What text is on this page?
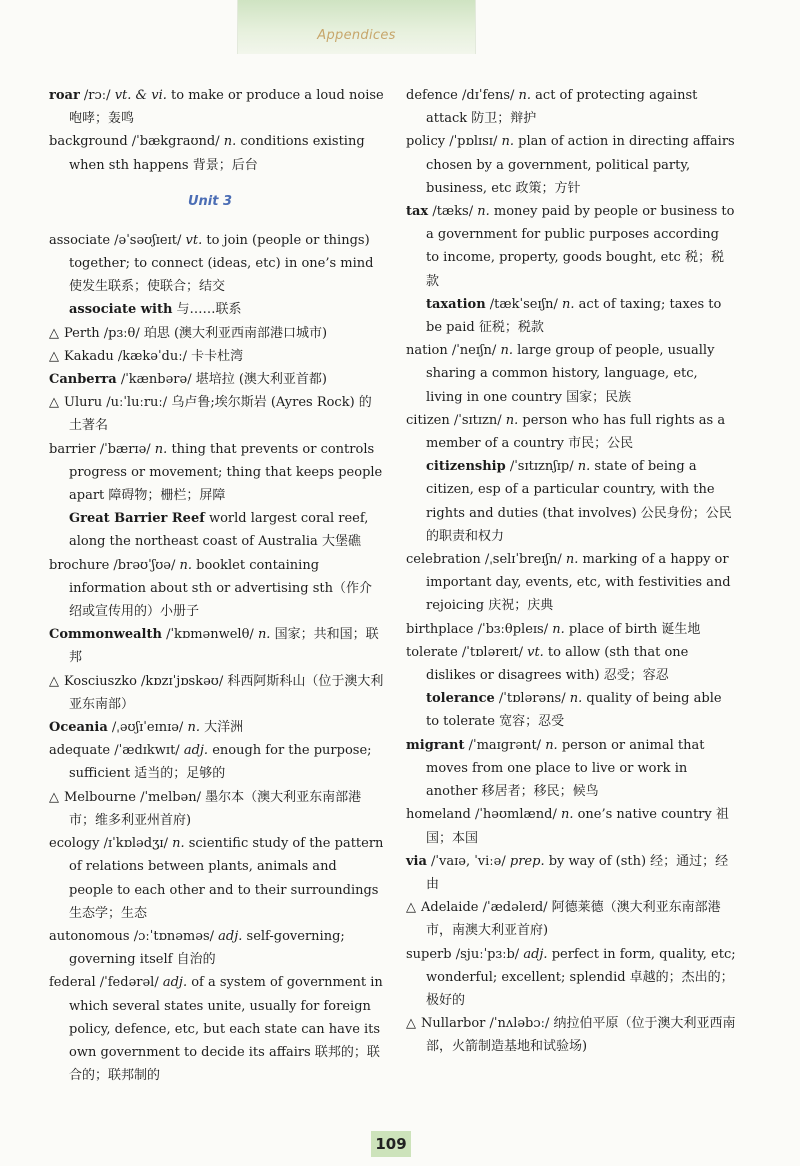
Appendices

roar /rɔː/ vt. & vi. to make or produce a loud noise 咆哮；轰鸣

background /ˈbækgraʊnd/ n. conditions existing when sth happens 背景；后台

Unit 3

associate /əˈsəʊʃɪeɪt/ vt. to join (people or things) together; to connect (ideas, etc) in one’s mind 使发生联系；使联合；结交

associate with 与……联系

△ Perth /pɜːθ/ 珀思 (澳大利亚西南部港口城市)

△ Kakadu /kækəˈduː/ 卡卡杜湾

Canberra /ˈkænbərə/ 堪培拉 (澳大利亚首都)

△ Uluru /uːˈluːruː/ 乌卢鲁;埃尔斯岩 (Ayres Rock) 的土著名

barrier /ˈbærɪə/ n. thing that prevents or controls progress or movement; thing that keeps people apart 障碍物；栅栏；屏障

Great Barrier Reef world largest coral reef, along the northeast coast of Australia 大堡礁

brochure /brəʊˈʃʊə/ n. booklet containing information about sth or advertising sth（作介绍或宣传用的）小册子

Commonwealth /ˈkɒmənwelθ/ n. 国家；共和国；联邦

△ Kosciuszko /kɒzɪˈjɒskəʊ/ 科西阿斯科山（位于澳大利亚东南部）

Oceania /ˌəʊʃɪˈeɪnɪə/ n. 大洋洲

adequate /ˈædɪkwɪt/ adj. enough for the purpose; sufficient 适当的；足够的

△ Melbourne /ˈmelbən/ 墨尔本（澳大利亚东南部港市；维多利亚州首府)

ecology /ɪˈkɒlədʒɪ/ n. scientific study of the pattern of relations between plants, animals and people to each other and to their surroundings 生态学；生态

autonomous /ɔːˈtɒnəməs/ adj. self-governing; governing itself 自治的

federal /ˈfedərəl/ adj. of a system of government in which several states unite, usually for foreign policy, defence, etc, but each state can have its own government to decide its affairs 联邦的；联合的；联邦制的

defence /dɪˈfens/ n. act of protecting against attack 防卫；辩护

policy /ˈpɒlɪsɪ/ n. plan of action in directing affairs chosen by a government, political party, business, etc 政策；方针

tax /tæks/ n. money paid by people or business to a government for public purposes according to income, property, goods bought, etc 税；税款

taxation /tækˈseɪʃn/ n. act of taxing; taxes to be paid 征税；税款

nation /ˈneɪʃn/ n. large group of people, usually sharing a common history, language, etc, living in one country 国家；民族

citizen /ˈsɪtɪzn/ n. person who has full rights as a member of a country 市民；公民

citizenship /ˈsɪtɪznʃɪp/ n. state of being a citizen, esp of a particular country, with the rights and duties (that involves) 公民身份；公民的职责和权力

celebration /ˌselɪˈbreɪʃn/ n. marking of a happy or important day, events, etc, with festivities and rejoicing 庆祝；庆典

birthplace /ˈbɜːθpleɪs/ n. place of birth 诞生地

tolerate /ˈtɒləreɪt/ vt. to allow (sth that one dislikes or disagrees with) 忍受；容忍

tolerance /ˈtɒlərəns/ n. quality of being able to tolerate 宽容；忍受

migrant /ˈmaɪgrənt/ n. person or animal that moves from one place to live or work in another 移居者；移民；候鸟

homeland /ˈhəʊmlænd/ n. one’s native country 祖国；本国

via /ˈvaɪə, ˈviːə/ prep. by way of (sth) 经；通过；经由

△ Adelaide /ˈædəleɪd/ 阿德莱德（澳大利亚东南部港市，南澳大利亚首府)

superb /sjuːˈpɜːb/ adj. perfect in form, quality, etc; wonderful; excellent; splendid 卓越的；杰出的；极好的

△ Nullarbor /ˈnʌləbɔː/ 纳拉伯平原（位于澳大利亚西南部，火箭制造基地和试验场)

109
